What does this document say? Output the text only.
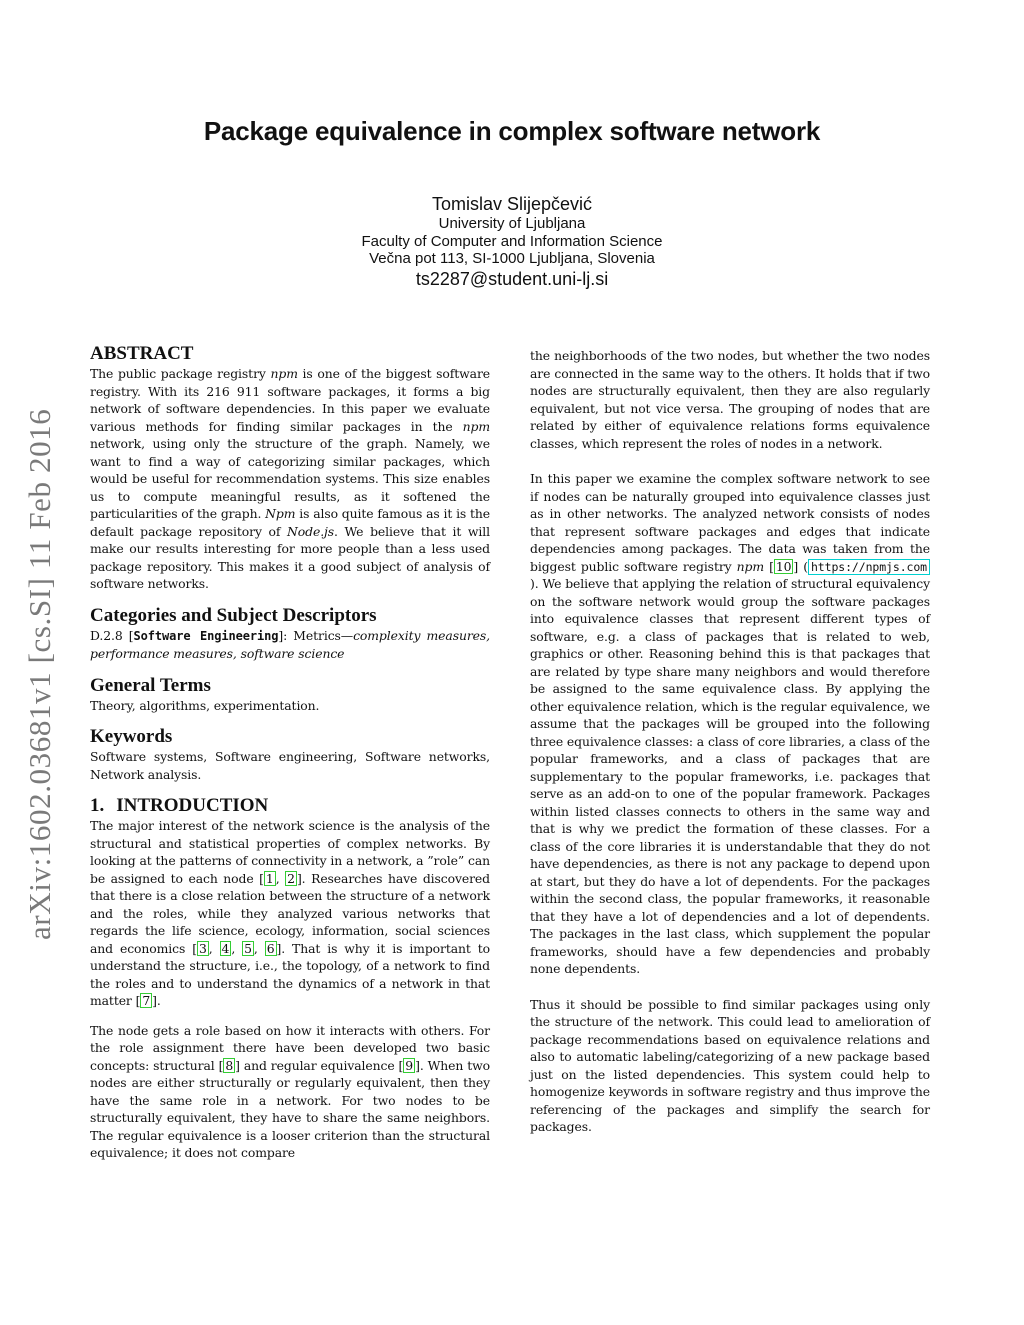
Package equivalence in complex software network
Tomislav Slijepčević
University of Ljubljana
Faculty of Computer and Information Science
Večna pot 113, SI-1000 Ljubljana, Slovenia
ts2287@student.uni-lj.si
arXiv:1602.03681v1 [cs.SI] 11 Feb 2016
ABSTRACT

The public package registry npm is one of the biggest software registry. With its 216 911 software packages, it forms a big network of software dependencies. In this paper we evaluate various methods for finding similar packages in the npm network, using only the structure of the graph. Namely, we want to find a way of categorizing similar packages, which would be useful for recommendation systems. This size enables us to compute meaningful results, as it softened the particularities of the graph. Npm is also quite famous as it is the default package repository of Node.js. We believe that it will make our results interesting for more people than a less used package repository. This makes it a good subject of analysis of software networks.

Categories and Subject Descriptors

D.2.8 [Software Engineering]: Metrics—complexity measures, performance measures, software science

General Terms

Theory, algorithms, experimentation.

Keywords

Software systems, Software engineering, Software networks, Network analysis.

1. INTRODUCTION

The major interest of the network science is the analysis of the structural and statistical properties of complex networks. By looking at the patterns of connectivity in a network, a ”role” can be assigned to each node [ 1 , 2 ]. Researches have discovered that there is a close relation between the structure of a network and the roles, while they analyzed various networks that regards the life science, ecology, information, social sciences and economics [ 3 , 4 , 5 , 6 ]. That is why it is important to understand the structure, i.e., the topology, of a network to find the roles and to understand the dynamics of a network in that matter [ 7 ].

The node gets a role based on how it interacts with others. For the role assignment there have been developed two basic concepts: structural [ 8 ] and regular equivalence [ 9 ]. When two nodes are either structurally or regularly equivalent, then they have the same role in a network. For two nodes to be structurally equivalent, they have to share the same neighbors. The regular equivalence is a looser criterion than the structural equivalence; it does not compare

the neighborhoods of the two nodes, but whether the two nodes are connected in the same way to the others. It holds that if two nodes are structurally equivalent, then they are also regularly equivalent, but not vice versa. The grouping of nodes that are related by either of equivalence relations forms equivalence classes, which represent the roles of nodes in a network.

In this paper we examine the complex software network to see if nodes can be naturally grouped into equivalence classes just as in other networks. The analyzed network consists of nodes that represent software packages and edges that indicate dependencies among packages. The data was taken from the biggest public software registry npm [ 10 ] ( https://npmjs.com). We believe that applying the relation of structural equivalency on the software network would group the software packages into equivalence classes that represent different types of software, e.g. a class of packages that is related to web, graphics or other. Reasoning behind this is that packages that are related by type share many neighbors and would therefore be assigned to the same equivalence class. By applying the other equivalence relation, which is the regular equivalence, we assume that the packages will be grouped into the following three equivalence classes: a class of core libraries, a class of the popular frameworks, and a class of packages that are supplementary to the popular frameworks, i.e. packages that serve as an add-on to one of the popular framework. Packages within listed classes connects to others in the same way and that is why we predict the formation of these classes. For a class of the core libraries it is understandable that they do not have dependencies, as there is not any package to depend upon at start, but they do have a lot of dependents. For the packages within the second class, the popular frameworks, it reasonable that they have a lot of dependencies and a lot of dependents. The packages in the last class, which supplement the popular frameworks, should have a few dependencies and probably none dependents.

Thus it should be possible to find similar packages using only the structure of the network. This could lead to amelioration of package recommendations based on equivalence relations and also to automatic labeling/categorizing of a new package based just on the listed dependencies. This system could help to homogenize keywords in software registry and thus improve the referencing of the packages and simplify the search for packages.
